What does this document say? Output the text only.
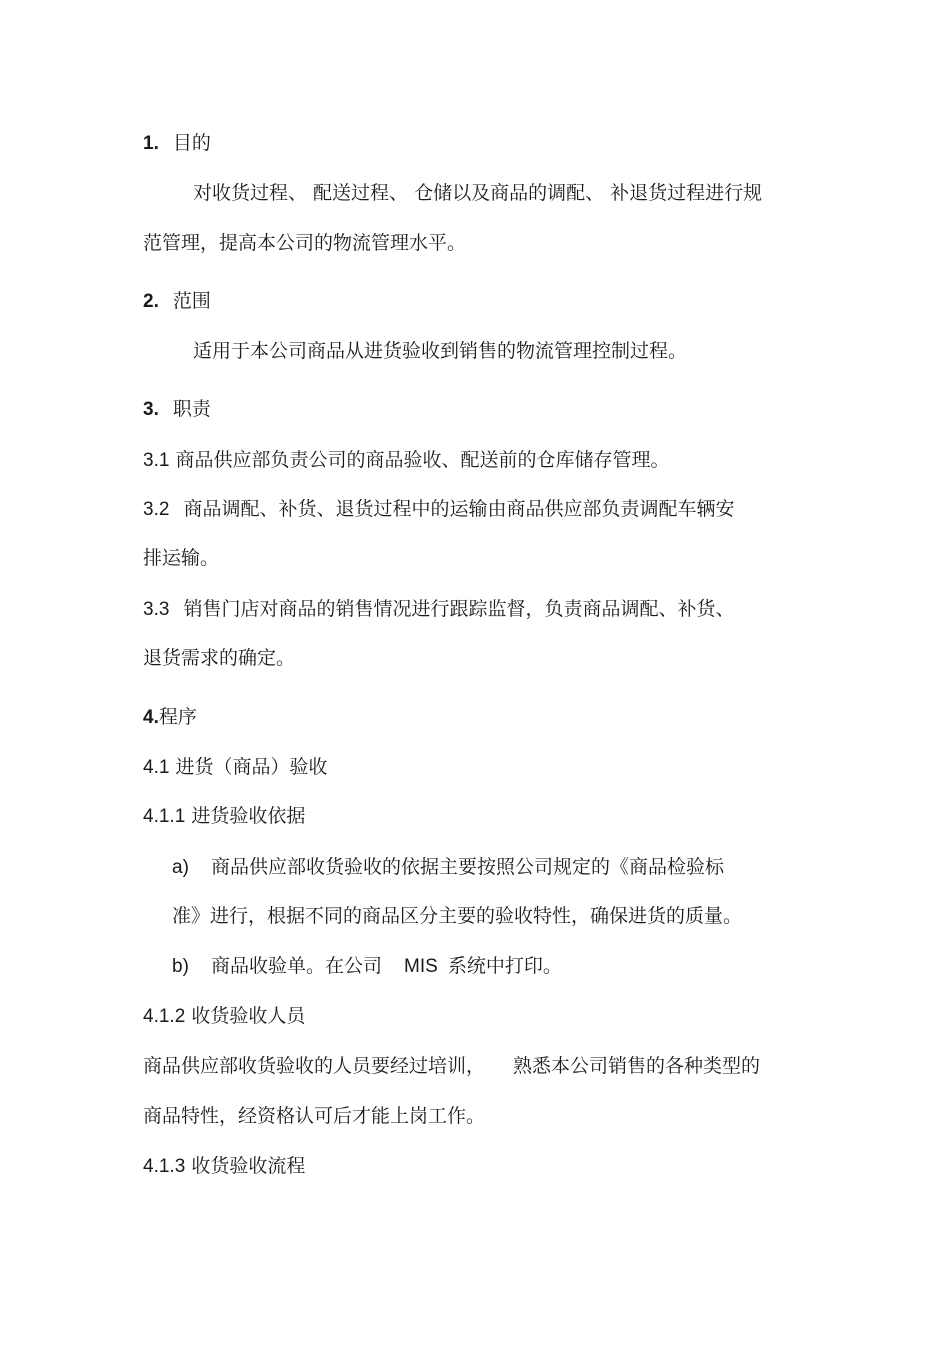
1. 目的
对收货过程、 配送过程、 仓储以及商品的调配、 补退货过程进行规
范管理，提高本公司的物流管理水平。
2. 范围
适用于本公司商品从进货验收到销售的物流管理控制过程。
3. 职责
3.1 商品供应部负责公司的商品验收、配送前的仓库储存管理。
3.2 商品调配、补货、退货过程中的运输由商品供应部负责调配车辆安
排运输。
3.3 销售门店对商品的销售情况进行跟踪监督，负责商品调配、补货、
退货需求的确定。
4.程序
4.1 进货（商品）验收
4.1.1 进货验收依据
a) 商品供应部收货验收的依据主要按照公司规定的《商品检验标
准》进行，根据不同的商品区分主要的验收特性，确保进货的质量。
b) 商品收验单。在公司 MIS 系统中打印。
4.1.2 收货验收人员
商品供应部收货验收的人员要经过培训， 熟悉本公司销售的各种类型的
商品特性，经资格认可后才能上岗工作。
4.1.3 收货验收流程
